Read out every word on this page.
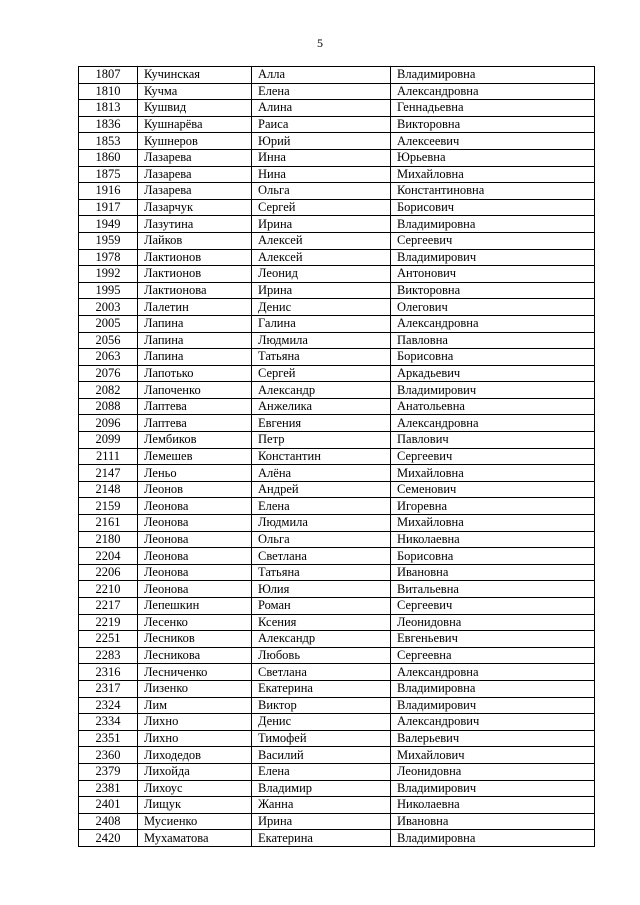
5
1807	Кучинская	Алла	Владимировна
1810	Кучма	Елена	Александровна
1813	Кушвид	Алина	Геннадьевна
1836	Кушнарёва	Раиса	Викторовна
1853	Кушнеров	Юрий	Алексеевич
1860	Лазарева	Инна	Юрьевна
1875	Лазарева	Нина	Михайловна
1916	Лазарева	Ольга	Константиновна
1917	Лазарчук	Сергей	Борисович
1949	Лазутина	Ирина	Владимировна
1959	Лайков	Алексей	Сергеевич
1978	Лактионов	Алексей	Владимирович
1992	Лактионов	Леонид	Антонович
1995	Лактионова	Ирина	Викторовна
2003	Лалетин	Денис	Олегович
2005	Лапина	Галина	Александровна
2056	Лапина	Людмила	Павловна
2063	Лапина	Татьяна	Борисовна
2076	Лапотько	Сергей	Аркадьевич
2082	Лапоченко	Александр	Владимирович
2088	Лаптева	Анжелика	Анатольевна
2096	Лаптева	Евгения	Александровна
2099	Лембиков	Петр	Павлович
2111	Лемешев	Константин	Сергеевич
2147	Леньо	Алёна	Михайловна
2148	Леонов	Андрей	Семенович
2159	Леонова	Елена	Игоревна
2161	Леонова	Людмила	Михайловна
2180	Леонова	Ольга	Николаевна
2204	Леонова	Светлана	Борисовна
2206	Леонова	Татьяна	Ивановна
2210	Леонова	Юлия	Витальевна
2217	Лепешкин	Роман	Сергеевич
2219	Лесенко	Ксения	Леонидовна
2251	Лесников	Александр	Евгеньевич
2283	Лесникова	Любовь	Сергеевна
2316	Лесниченко	Светлана	Александровна
2317	Лизенко	Екатерина	Владимировна
2324	Лим	Виктор	Владимирович
2334	Лихно	Денис	Александрович
2351	Лихно	Тимофей	Валерьевич
2360	Лиходедов	Василий	Михайлович
2379	Лихойда	Елена	Леонидовна
2381	Лихоус	Владимир	Владимирович
2401	Лищук	Жанна	Николаевна
2408	Мусиенко	Ирина	Ивановна
2420	Мухаматова	Екатерина	Владимировна
